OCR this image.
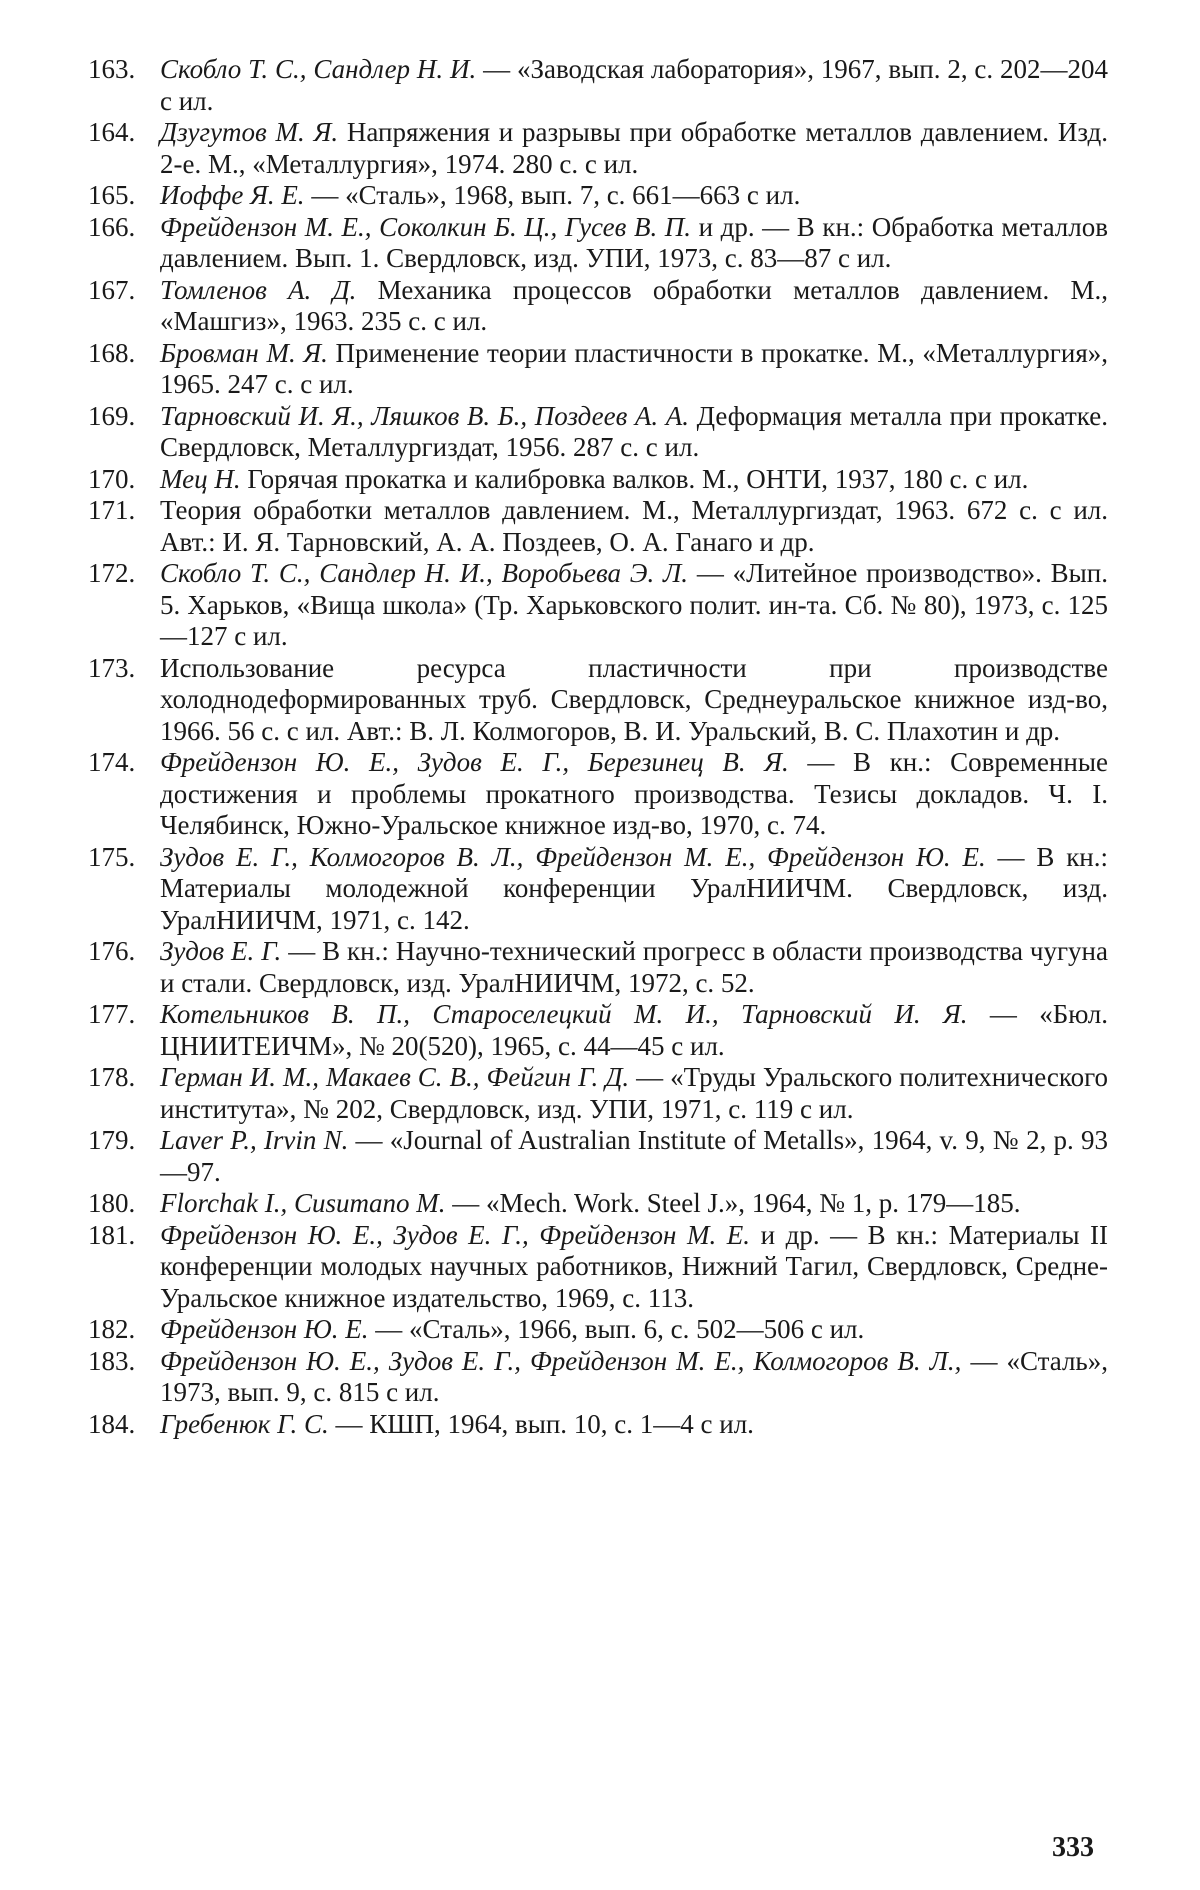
163. Скобло Т. С., Сандлер Н. И. — «Заводская лаборатория», 1967, вып. 2, с. 202—204 с ил.
164. Дзугутов М. Я. Напряжения и разрывы при обработке металлов давлением. Изд. 2-е. М., «Металлургия», 1974. 280 с. с ил.
165. Иоффе Я. Е. — «Сталь», 1968, вып. 7, с. 661—663 с ил.
166. Фрейдензон М. Е., Соколкин Б. Ц., Гусев В. П. и др. — В кн.: Обработка металлов давлением. Вып. 1. Свердловск, изд. УПИ, 1973, с. 83—87 с ил.
167. Томленов А. Д. Механика процессов обработки металлов давлением. М., «Машгиз», 1963. 235 с. с ил.
168. Бровман М. Я. Применение теории пластичности в прокатке. М., «Металлургия», 1965. 247 с. с ил.
169. Тарновский И. Я., Ляшков В. Б., Поздеев А. А. Деформация металла при прокатке. Свердловск, Металлургиздат, 1956. 287 с. с ил.
170. Мец Н. Горячая прокатка и калибровка валков. М., ОНТИ, 1937, 180 с. с ил.
171. Теория обработки металлов давлением. М., Металлургиздат, 1963. 672 с. с ил. Авт.: И. Я. Тарновский, А. А. Поздеев, О. А. Ганаго и др.
172. Скобло Т. С., Сандлер Н. И., Воробьева Э. Л. — «Литейное производство». Вып. 5. Харьков, «Вища школа» (Тр. Харьковского полит. ин-та. Сб. № 80), 1973, с. 125—127 с ил.
173. Использование ресурса пластичности при производстве холоднодеформированных труб. Свердловск, Среднеуральское книжное изд-во, 1966. 56 с. с ил. Авт.: В. Л. Колмогоров, В. И. Уральский, В. С. Плахотин и др.
174. Фрейдензон Ю. Е., Зудов Е. Г., Березинец В. Я. — В кн.: Современные достижения и проблемы прокатного производства. Тезисы докладов. Ч. I. Челябинск, Южно-Уральское книжное изд-во, 1970, с. 74.
175. Зудов Е. Г., Колмогоров В. Л., Фрейдензон М. Е., Фрейдензон Ю. Е. — В кн.: Материалы молодежной конференции УралНИИЧМ. Свердловск, изд. УралНИИЧМ, 1971, с. 142.
176. Зудов Е. Г. — В кн.: Научно-технический прогресс в области производства чугуна и стали. Свердловск, изд. УралНИИЧМ, 1972, с. 52.
177. Котельников В. П., Староселецкий М. И., Тарновский И. Я. — «Бюл. ЦНИИТЕИЧМ», № 20(520), 1965, с. 44—45 с ил.
178. Герман И. М., Макаев С. В., Фейгин Г. Д. — «Труды Уральского политехнического института», № 202, Свердловск, изд. УПИ, 1971, с. 119 с ил.
179. Laver P., Irvin N. — «Journal of Australian Institute of Metalls», 1964, v. 9, № 2, p. 93—97.
180. Florchak I., Cusumano M. — «Mech. Work. Steel J.», 1964, № 1, p. 179—185.
181. Фрейдензон Ю. Е., Зудов Е. Г., Фрейдензон М. Е. и др. — В кн.: Материалы II конференции молодых научных работников, Нижний Тагил, Свердловск, Средне-Уральское книжное издательство, 1969, с. 113.
182. Фрейдензон Ю. Е. — «Сталь», 1966, вып. 6, с. 502—506 с ил.
183. Фрейдензон Ю. Е., Зудов Е. Г., Фрейдензон М. Е., Колмогоров В. Л., — «Сталь», 1973, вып. 9, с. 815 с ил.
184. Гребенюк Г. С. — КШП, 1964, вып. 10, с. 1—4 с ил.
333
